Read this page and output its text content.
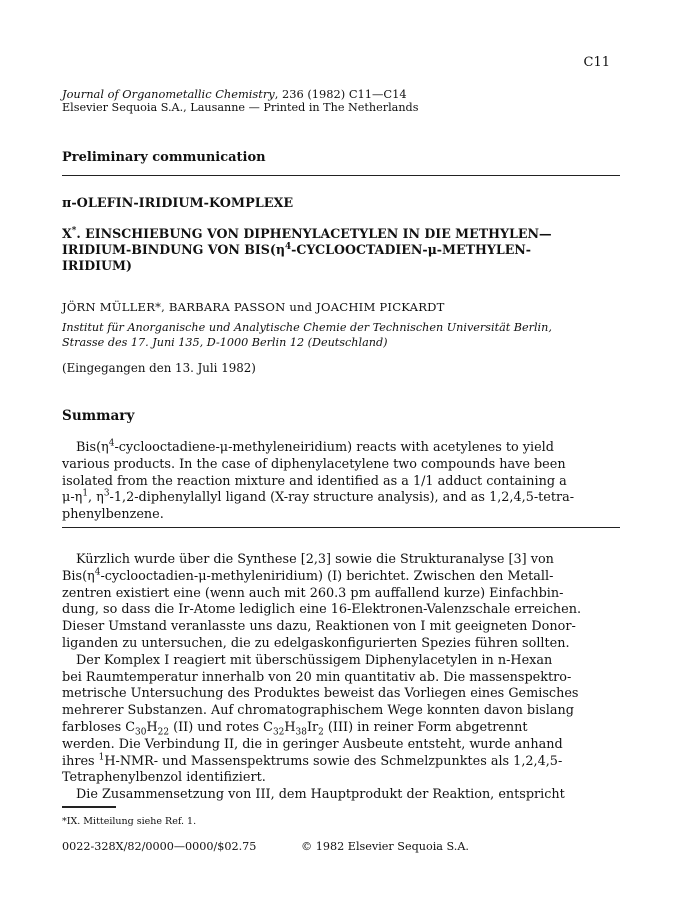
C11
Journal of Organometallic Chemistry, 236 (1982) C11—C14
Elsevier Sequoia S.A., Lausanne — Printed in The Netherlands
Preliminary communication
π-OLEFIN-IRIDIUM-KOMPLEXE
X*. EINSCHIEBUNG VON DIPHENYLACETYLEN IN DIE METHYLEN—
IRIDIUM-BINDUNG VON $BIS(\eta^4-CYCLOOCTADIEN-\mu-METHYLEN-$
IRIDIUM)
JÖRN MÜLLER*, BARBARA PASSON und JOACHIM PICKARDT
Institut für Anorganische und Analytische Chemie der Technischen Universität Berlin,
Strasse des 17. Juni 135, D-1000 Berlin 12 (Deutschland)
(Eingegangen den 13. Juli 1982)
Summary
$Bis(\eta^4-cyclooctadiene-\mu-methyleneiridium)$ reacts with acetylenes to yield
various products. In the case of diphenylacetylene two compounds have been
isolated from the reaction mixture and identified as a 1/1 adduct containing a
$\mu-\eta^1$, $\eta^3-1,2$-diphenylallyl ligand (X-ray structure analysis), and as 1,2,4,5-tetra-
phenylbenzene.
Kürzlich wurde über die Synthese [2,3] sowie die Strukturanalyse [3] von
$Bis(\eta^4-cyclooctadien-\mu-methyleniridium)$ (I) berichtet. Zwischen den Metall-
zentren existiert eine (wenn auch mit 260.3 pm auffallend kurze) Einfachbin-
dung, so dass die Ir-Atome lediglich eine 16-Elektronen-Valenzschale erreichen.
Dieser Umstand veranlasste uns dazu, Reaktionen von I mit geeigneten Donor-
liganden zu untersuchen, die zu edelgaskonfigurierten Spezies führen sollten.
Der Komplex I reagiert mit überschüssigem Diphenylacetylen in n-Hexan
bei Raumtemperatur innerhalb von 20 min quantitativ ab. Die massenspektro-
metrische Untersuchung des Produktes beweist das Vorliegen eines Gemisches
mehrerer Substanzen. Auf chromatographischem Wege konnten davon bislang
farbloses $C_{30}H_{22}$ (II) und rotes $C_{32}H_{38}Ir_2$ (III) in reiner Form abgetrennt
werden. Die Verbindung II, die in geringer Ausbeute entsteht, wurde anhand
ihres $^1$H-NMR- und Massenspektrums sowie des Schmelzpunktes als 1,2,4,5-
Tetraphenylbenzol identifiziert.
Die Zusammensetzung von III, dem Hauptprodukt der Reaktion, entspricht
*IX. Mitteilung siehe Ref. 1.
0022-328X/82/0000—0000/$02.75	© 1982 Elsevier Sequoia S.A.
